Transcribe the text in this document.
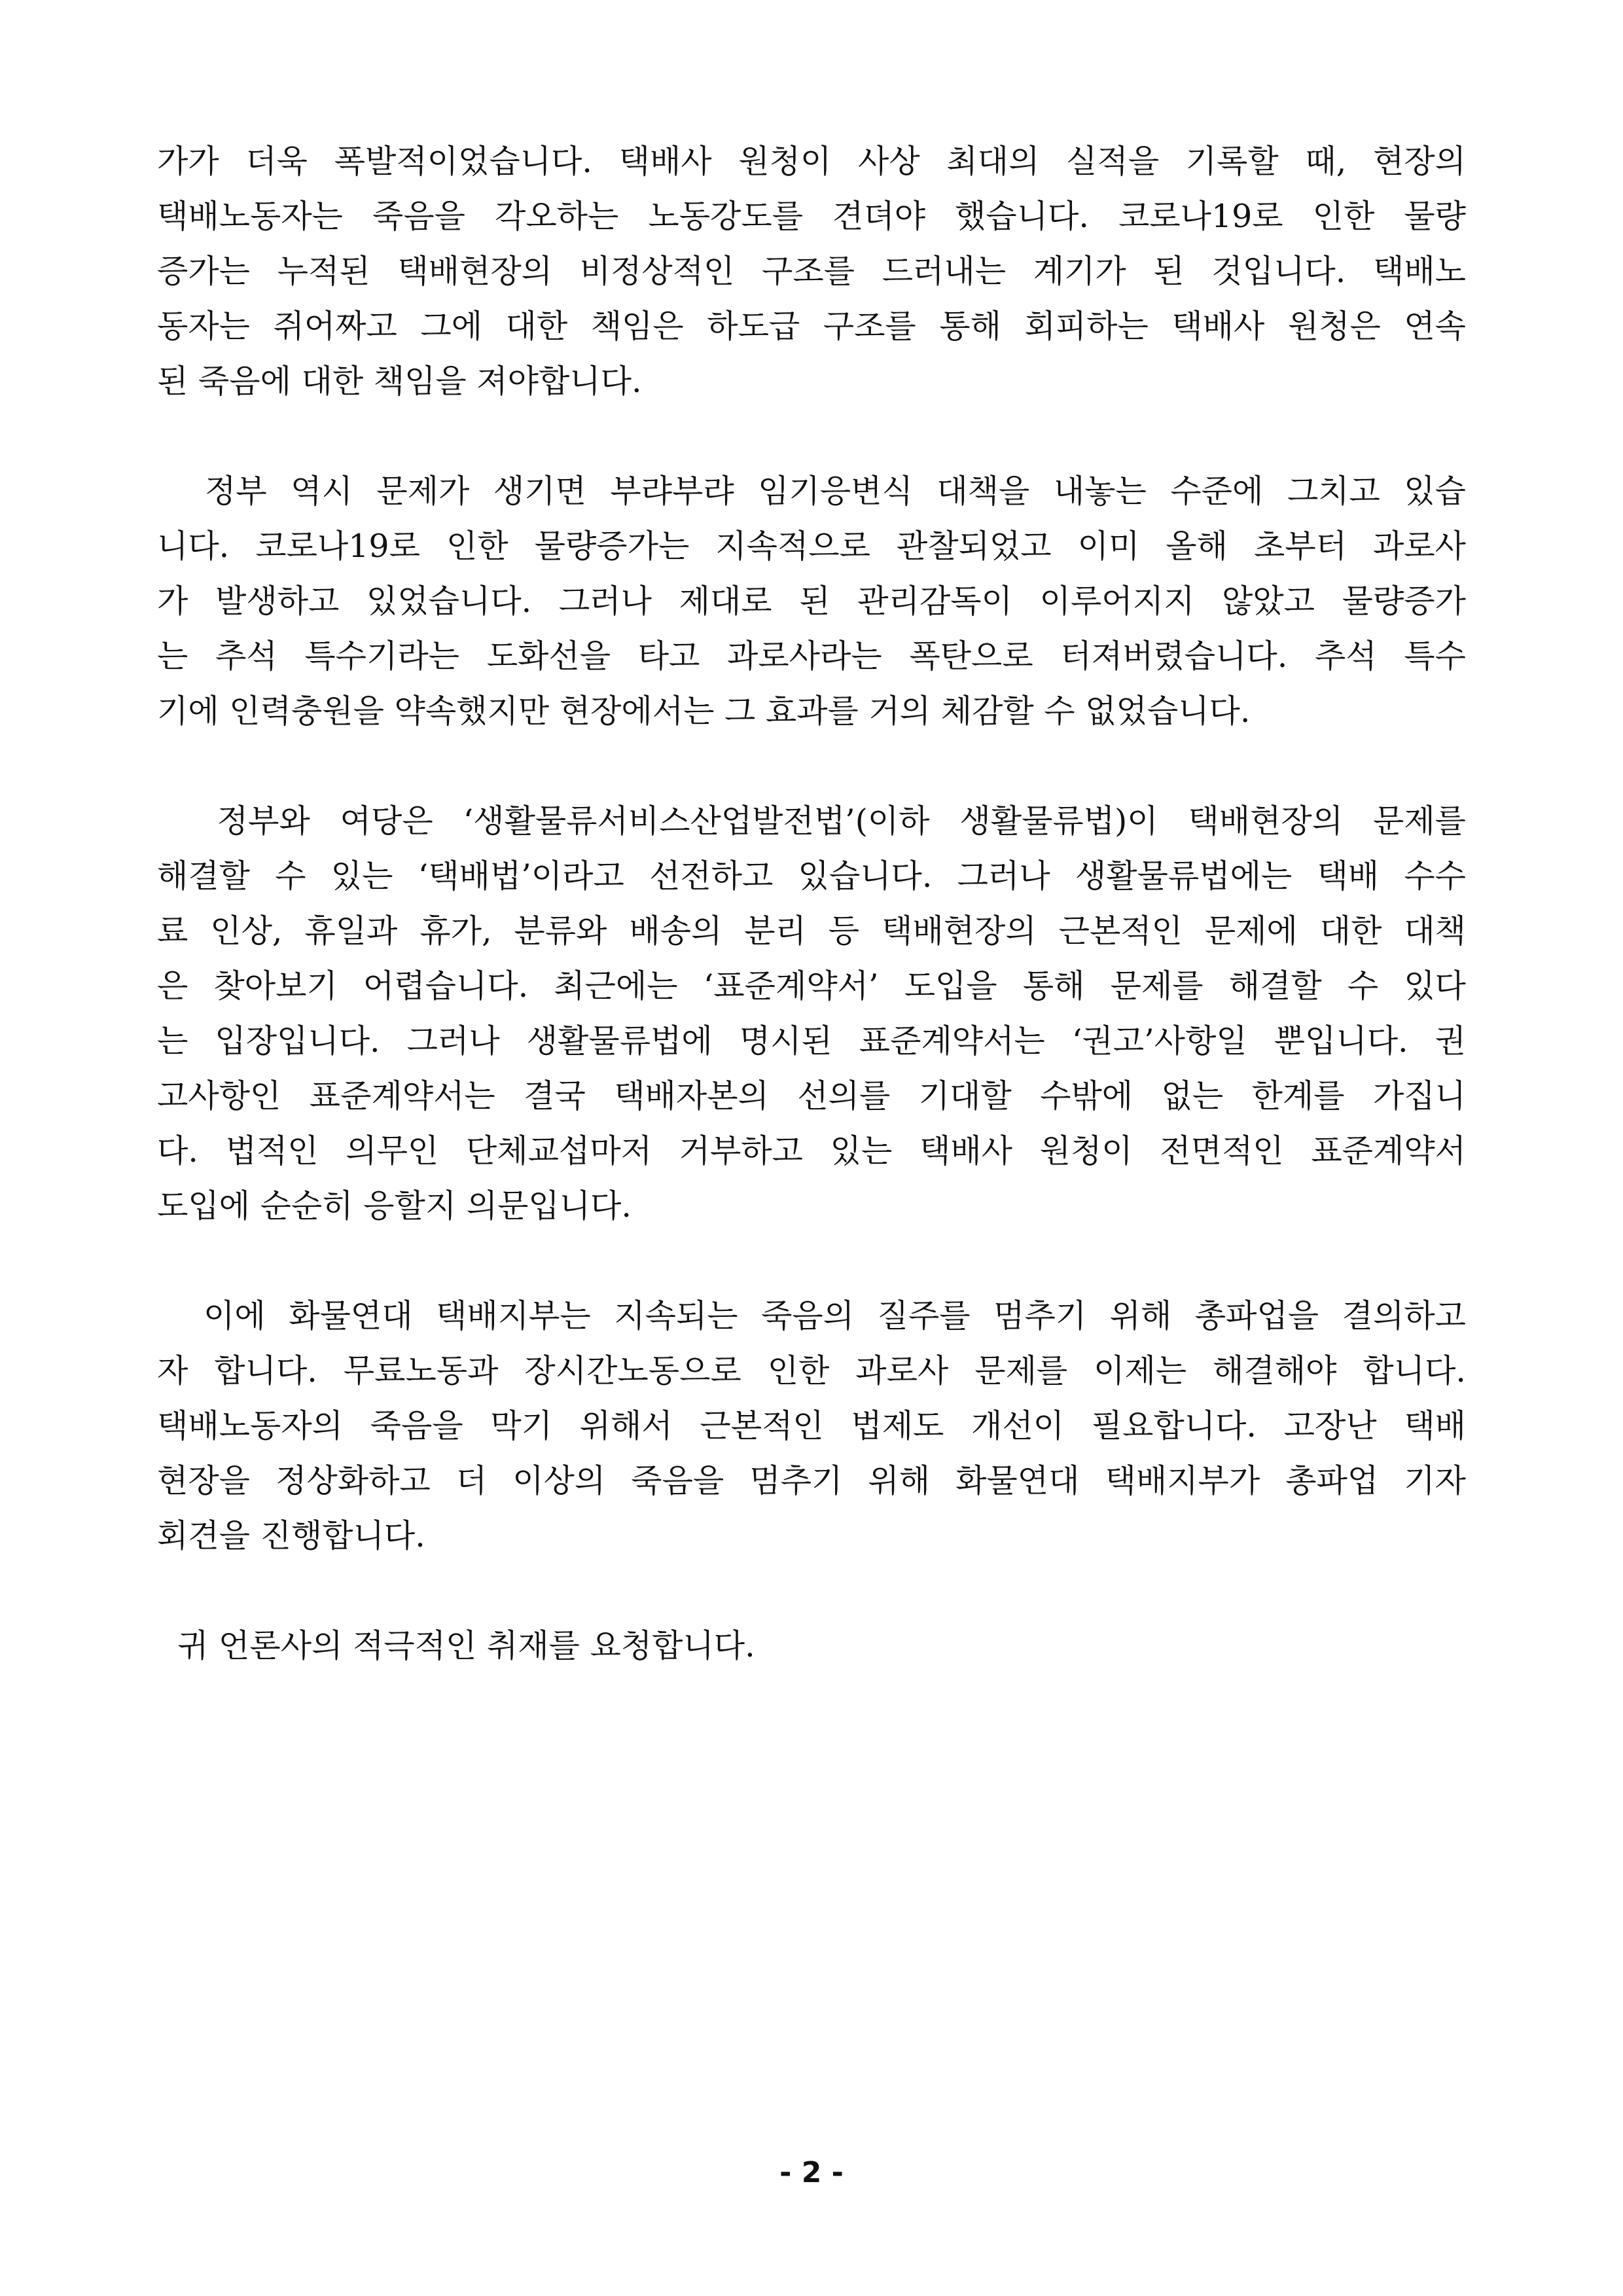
가가 더욱 폭발적이었습니다. 택배사 원청이 사상 최대의 실적을 기록할 때, 현장의
택배노동자는 죽음을 각오하는 노동강도를 견뎌야 했습니다. 코로나19로 인한 물량
증가는 누적된 택배현장의 비정상적인 구조를 드러내는 계기가 된 것입니다. 택배노
동자는 쥐어짜고 그에 대한 책임은 하도급 구조를 통해 회피하는 택배사 원청은 연속
된 죽음에 대한 책임을 져야합니다.
정부 역시 문제가 생기면 부랴부랴 임기응변식 대책을 내놓는 수준에 그치고 있습
니다. 코로나19로 인한 물량증가는 지속적으로 관찰되었고 이미 올해 초부터 과로사
가 발생하고 있었습니다. 그러나 제대로 된 관리감독이 이루어지지 않았고 물량증가
는 추석 특수기라는 도화선을 타고 과로사라는 폭탄으로 터져버렸습니다. 추석 특수
기에 인력충원을 약속했지만 현장에서는 그 효과를 거의 체감할 수 없었습니다.
정부와 여당은 ‘생활물류서비스산업발전법’(이하 생활물류법)이 택배현장의 문제를
해결할 수 있는 ‘택배법’이라고 선전하고 있습니다. 그러나 생활물류법에는 택배 수수
료 인상, 휴일과 휴가, 분류와 배송의 분리 등 택배현장의 근본적인 문제에 대한 대책
은 찾아보기 어렵습니다. 최근에는 ‘표준계약서’ 도입을 통해 문제를 해결할 수 있다
는 입장입니다. 그러나 생활물류법에 명시된 표준계약서는 ‘권고’사항일 뿐입니다. 권
고사항인 표준계약서는 결국 택배자본의 선의를 기대할 수밖에 없는 한계를 가집니
다. 법적인 의무인 단체교섭마저 거부하고 있는 택배사 원청이 전면적인 표준계약서
도입에 순순히 응할지 의문입니다.
이에 화물연대 택배지부는 지속되는 죽음의 질주를 멈추기 위해 총파업을 결의하고
자 합니다. 무료노동과 장시간노동으로 인한 과로사 문제를 이제는 해결해야 합니다.
택배노동자의 죽음을 막기 위해서 근본적인 법제도 개선이 필요합니다. 고장난 택배
현장을 정상화하고 더 이상의 죽음을 멈추기 위해 화물연대 택배지부가 총파업 기자
회견을 진행합니다.
귀 언론사의 적극적인 취재를 요청합니다.
- 2 -
